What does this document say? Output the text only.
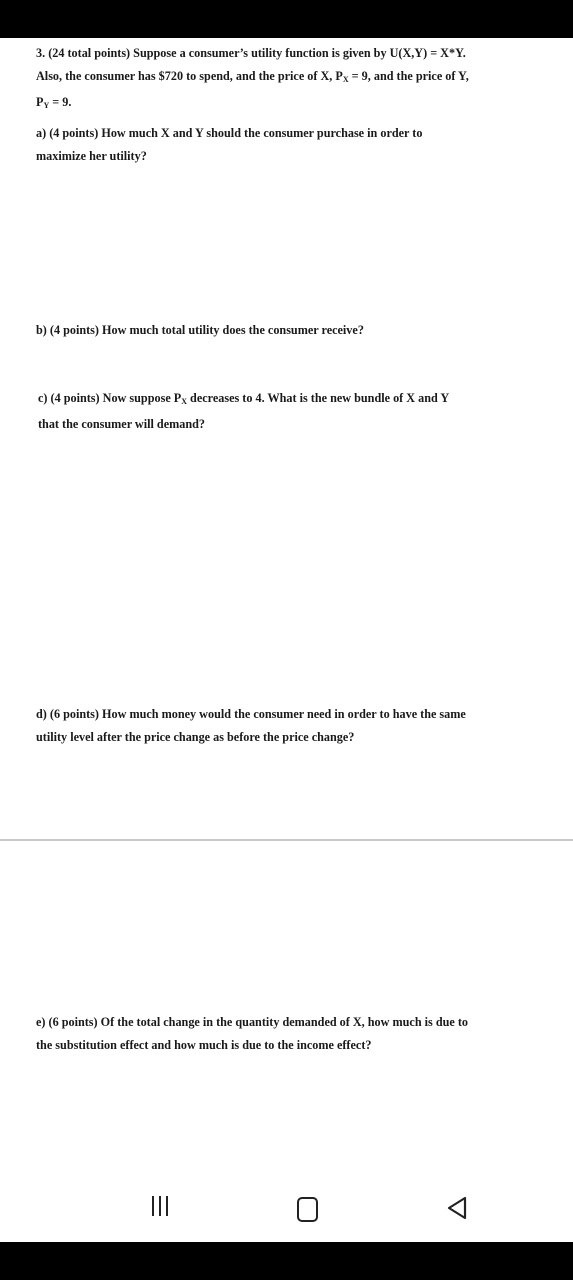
3. (24 total points) Suppose a consumer’s utility function is given by U(X,Y) = X*Y.
Also, the consumer has $720 to spend, and the price of X, $P_X = 9$, and the price of Y,
$P_Y = 9$.

a) (4 points) How much X and Y should the consumer purchase in order to
maximize her utility?

b) (4 points) How much total utility does the consumer receive?

c) (4 points) Now suppose $P_X$ decreases to 4. What is the new bundle of X and Y
that the consumer will demand?

d) (6 points) How much money would the consumer need in order to have the same
utility level after the price change as before the price change?

e) (6 points) Of the total change in the quantity demanded of X, how much is due to
the substitution effect and how much is due to the income effect?
